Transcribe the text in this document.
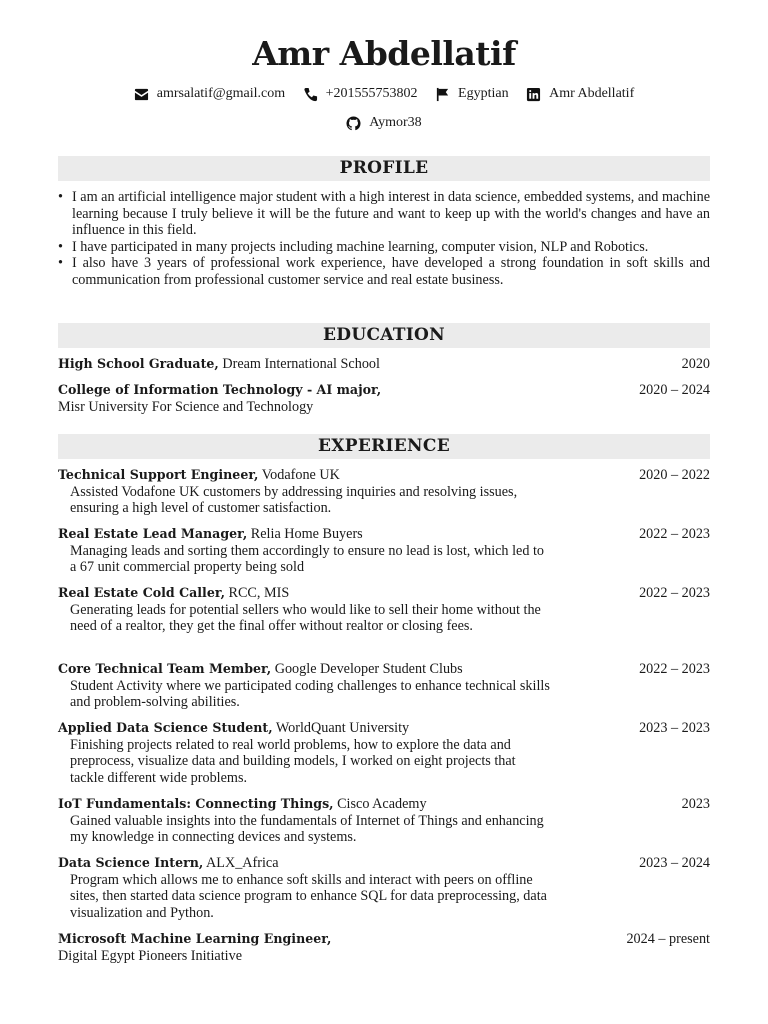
Amr Abdellatif
amrsalatif@gmail.com
	+201555753802
	Egyptian
	Amr Abdellatif
Aymor38
PROFILE
• I am an artificial intelligence major student with a high interest in data science, embedded systems, and machine learning because I truly believe it will be the future and want to keep up with the world's changes and have an influence in this field.
• I have participated in many projects including machine learning, computer vision, NLP and Robotics.
• I also have 3 years of professional work experience, have developed a strong foundation in soft skills and communication from professional customer service and real estate business.
EDUCATION
High School Graduate, Dream International School	2020
College of Information Technology - AI major,	2020 – 2024
Misr University For Science and Technology
EXPERIENCE
Technical Support Engineer, Vodafone UK	2020 – 2022
Assisted Vodafone UK customers by addressing inquiries and resolving issues, ensuring a high level of customer satisfaction.
Real Estate Lead Manager, Relia Home Buyers	2022 – 2023
Managing leads and sorting them accordingly to ensure no lead is lost, which led to a 67 unit commercial property being sold
Real Estate Cold Caller, RCC, MIS	2022 – 2023
Generating leads for potential sellers who would like to sell their home without the need of a realtor, they get the final offer without realtor or closing fees.
Core Technical Team Member, Google Developer Student Clubs	2022 – 2023
Student Activity where we participated coding challenges to enhance technical skills and problem-solving abilities.
Applied Data Science Student, WorldQuant University	2023 – 2023
Finishing projects related to real world problems, how to explore the data and preprocess, visualize data and building models, I worked on eight projects that tackle different wide problems.
IoT Fundamentals: Connecting Things, Cisco Academy	2023
Gained valuable insights into the fundamentals of Internet of Things and enhancing my knowledge in connecting devices and systems.
Data Science Intern, ALX_Africa	2023 – 2024
Program which allows me to enhance soft skills and interact with peers on offline sites, then started data science program to enhance SQL for data preprocessing, data visualization and Python.
Microsoft Machine Learning Engineer,	2024 – present
Digital Egypt Pioneers Initiative
